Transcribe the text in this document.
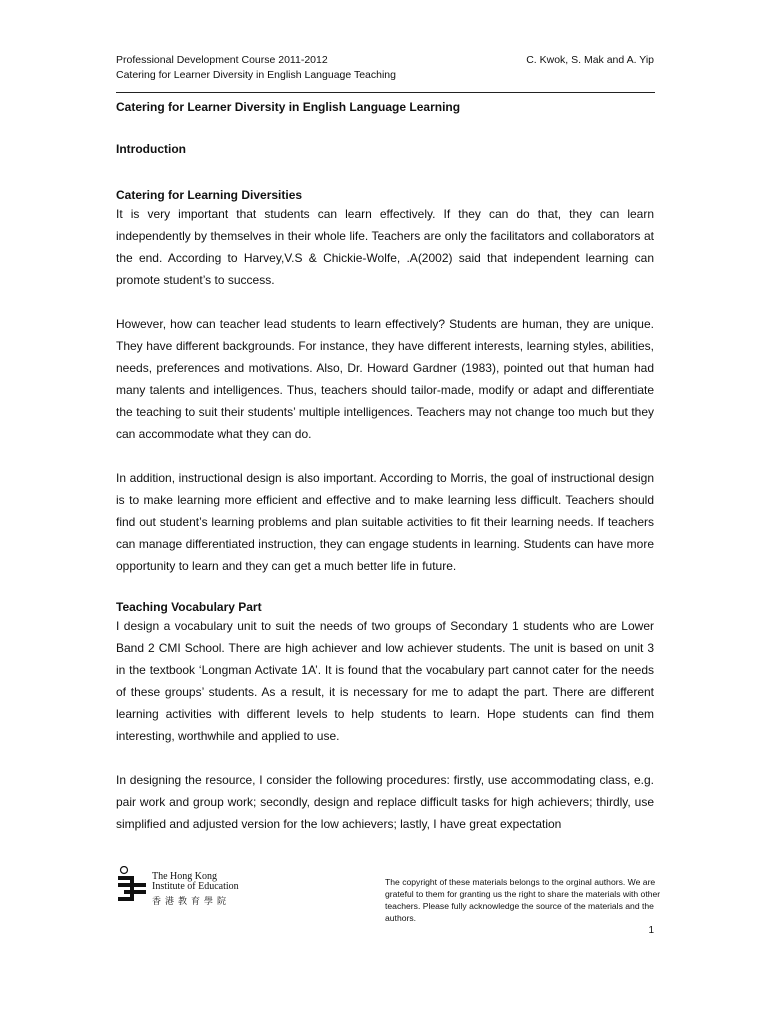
Professional Development Course 2011-2012
Catering for Learner Diversity in English Language Teaching
C. Kwok, S. Mak and A. Yip
Catering for Learner Diversity in English Language Learning
Introduction
Catering for Learning Diversities

It is very important that students can learn effectively. If they can do that, they can learn independently by themselves in their whole life. Teachers are only the facilitators and collaborators at the end. According to Harvey,V.S & Chickie-Wolfe, .A(2002) said that independent learning can promote student’s to success.

However, how can teacher lead students to learn effectively? Students are human, they are unique. They have different backgrounds. For instance, they have different interests, learning styles, abilities, needs, preferences and motivations. Also, Dr. Howard Gardner (1983), pointed out that human had many talents and intelligences. Thus, teachers should tailor-made, modify or adapt and differentiate the teaching to suit their students’ multiple intelligences. Teachers may not change too much but they can accommodate what they can do.

In addition, instructional design is also important. According to Morris, the goal of instructional design is to make learning more efficient and effective and to make learning less difficult. Teachers should find out student’s learning problems and plan suitable activities to fit their learning needs. If teachers can manage differentiated instruction, they can engage students in learning. Students can have more opportunity to learn and they can get a much better life in future.

Teaching Vocabulary Part

I design a vocabulary unit to suit the needs of two groups of Secondary 1 students who are Lower Band 2 CMI School. There are high achiever and low achiever students. The unit is based on unit 3 in the textbook ‘Longman Activate 1A’. It is found that the vocabulary part cannot cater for the needs of these groups’ students. As a result, it is necessary for me to adapt the part. There are different learning activities with different levels to help students to learn. Hope students can find them interesting, worthwhile and applied to use.

In designing the resource, I consider the following procedures: firstly, use accommodating class, e.g. pair work and group work; secondly, design and replace difficult tasks for high achievers; thirdly, use simplified and adjusted version for the low achievers; lastly, I have great expectation

The Hong Kong
Institute of Education
香港教育學院
The copyright of these materials belongs to the orginal authors. We are grateful to them for granting us the right to share the materials with other teachers. Please fully acknowledge the source of the materials and the authors.
1
